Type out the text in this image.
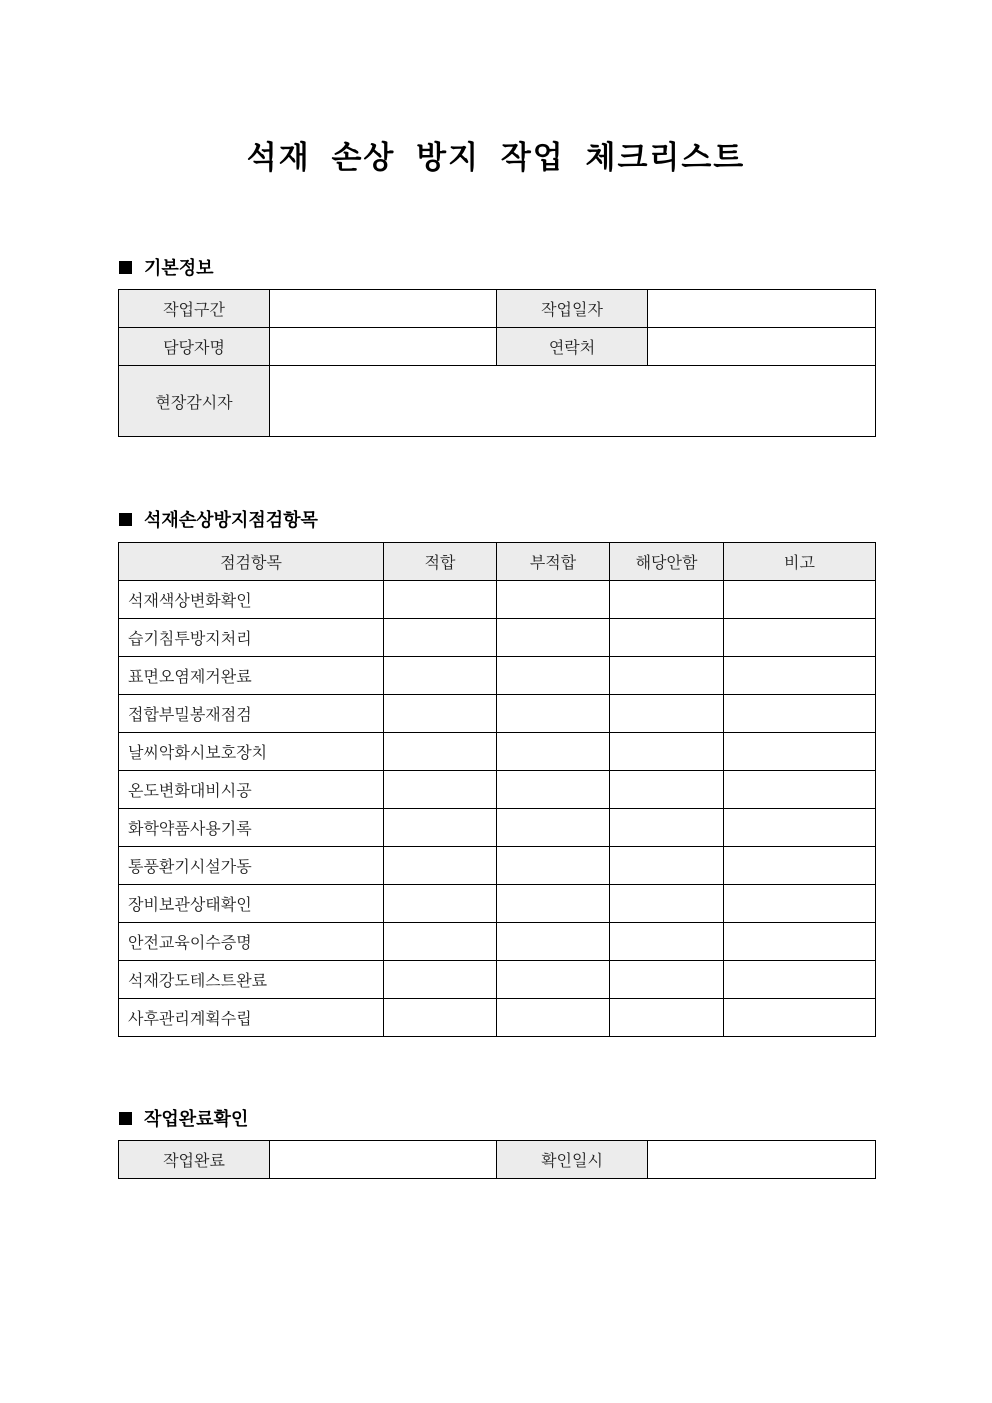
석재 손상 방지 작업 체크리스트
기본정보
작업구간		작업일자	
담당자명		연락처	
현장감시자			
석재손상방지점검항목
점검항목	적합	부적합	해당안함	비고
석재색상변화확인				
습기침투방지처리				
표면오염제거완료				
접합부밀봉재점검				
날씨악화시보호장치				
온도변화대비시공				
화학약품사용기록				
통풍환기시설가동				
장비보관상태확인				
안전교육이수증명				
석재강도테스트완료				
사후관리계획수립				
작업완료확인
작업완료		확인일시	
